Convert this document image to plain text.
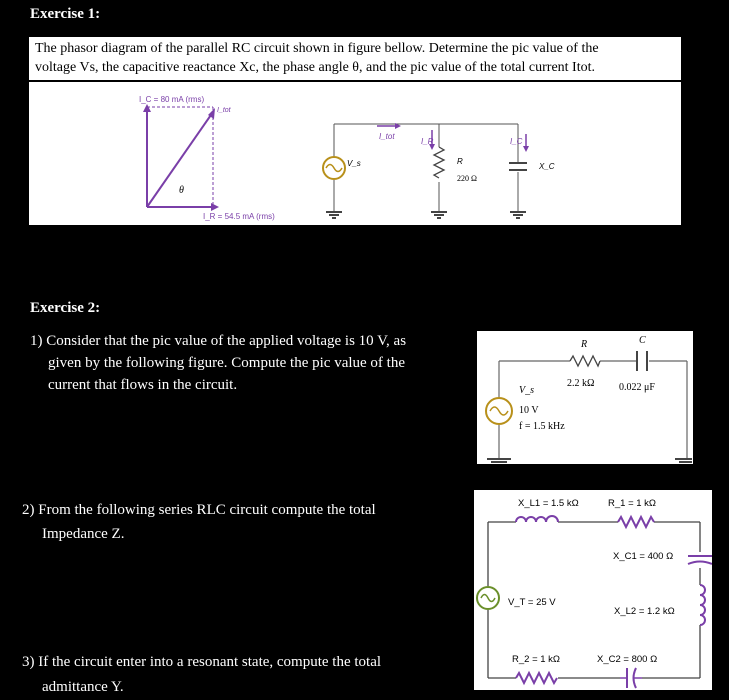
Exercise 1:
The phasor diagram of the parallel RC circuit shown in figure bellow. Determine the pic value of the
voltage Vs, the capacitive reactance Xc, the phase angle θ, and the pic value of the total current Itot.
I_C = 80 mA (rms)
I_tot
θ
I_R = 54.5 mA (rms)
I_tot
I_R	I_C
V_s	R
220 Ω
X_C
Exercise 2:
1) Consider that the pic value of the applied voltage is 10 V, as
given by the following figure. Compute the pic value of the
current that flows in the circuit.
R
2.2 kΩ
C
0.022 μF
V_s
10 V
f = 1.5 kHz
2) From the following series RLC circuit compute the total
Impedance Z.
3) If the circuit enter into a resonant state, compute the total
admittance Y.
X_L1 = 1.5 kΩ	R_1 = 1 kΩ
X_C1 = 400 Ω
V_T = 25 V
X_L2 = 1.2 kΩ
R_2 = 1 kΩ	X_C2 = 800 Ω
